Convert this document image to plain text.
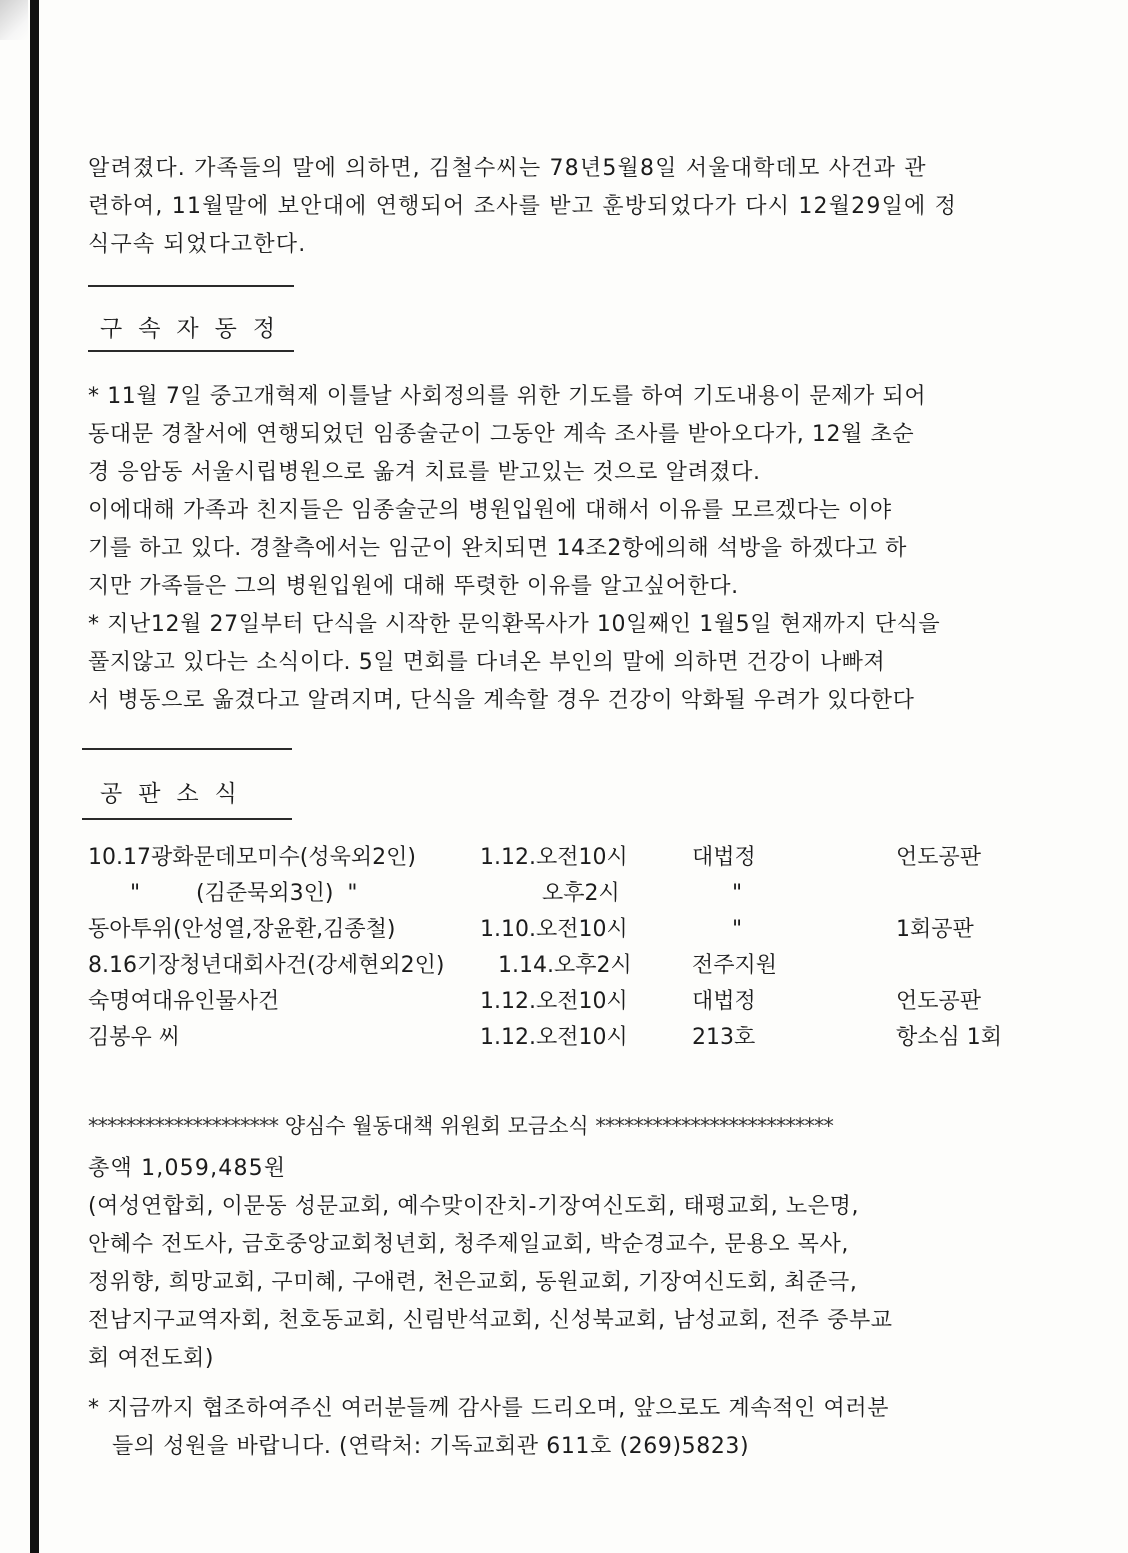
알려졌다. 가족들의 말에 의하면, 김철수씨는 78년5월8일 서울대학데모 사건과 관
련하여, 11월말에 보안대에 연행되어 조사를 받고 훈방되었다가 다시 12월29일에 정
식구속 되었다고한다.
구속자동정
* 11월 7일 중고개혁제 이틀날 사회정의를 위한 기도를 하여 기도내용이 문제가 되어
동대문 경찰서에 연행되었던 임종술군이 그동안 계속 조사를 받아오다가, 12월 초순
경 응암동 서울시립병원으로 옮겨 치료를 받고있는 것으로 알려졌다.
이에대해 가족과 친지들은 임종술군의 병원입원에 대해서 이유를 모르겠다는 이야
기를 하고 있다. 경찰측에서는 임군이 완치되면 14조2항에의해 석방을 하겠다고 하
지만 가족들은 그의 병원입원에 대해 뚜렷한 이유를 알고싶어한다.
* 지난12월 27일부터 단식을 시작한 문익환목사가 10일째인 1월5일 현재까지 단식을
풀지않고 있다는 소식이다. 5일 면회를 다녀온 부인의 말에 의하면 건강이 나빠져
서 병동으로 옮겼다고 알려지며, 단식을 계속할 경우 건강이 악화될 우려가 있다한다
공판소식
10.17광화문데모미수(성욱외2인)	1.12.오전10시	대법정	언도공판
"        (김준묵외3인)  "	오후2시	"
동아투위(안성열,장윤환,김종철)	1.10.오전10시	"	1회공판
8.16기장청년대회사건(강세현외2인) 1.14.오후2시	전주지원
숙명여대유인물사건	1.12.오전10시	대법정	언도공판
김봉우 씨	1.12.오전10시	213호	항소심 1회
******************** 양심수 월동대책 위원회 모금소식 *************************
총액 1,059,485원
(여성연합회, 이문동 성문교회, 예수맞이잔치-기장여신도회, 태평교회, 노은명,
안혜수 전도사, 금호중앙교회청년회, 청주제일교회, 박순경교수, 문용오 목사,
정위향, 희망교회, 구미혜, 구애련, 천은교회, 동원교회, 기장여신도회, 최준극,
전남지구교역자회, 천호동교회, 신림반석교회, 신성북교회, 남성교회, 전주 중부교
회 여전도회)
* 지금까지 협조하여주신 여러분들께 감사를 드리오며, 앞으로도 계속적인 여러분
들의 성원을 바랍니다. (연락처: 기독교회관 611호 (269)5823)
